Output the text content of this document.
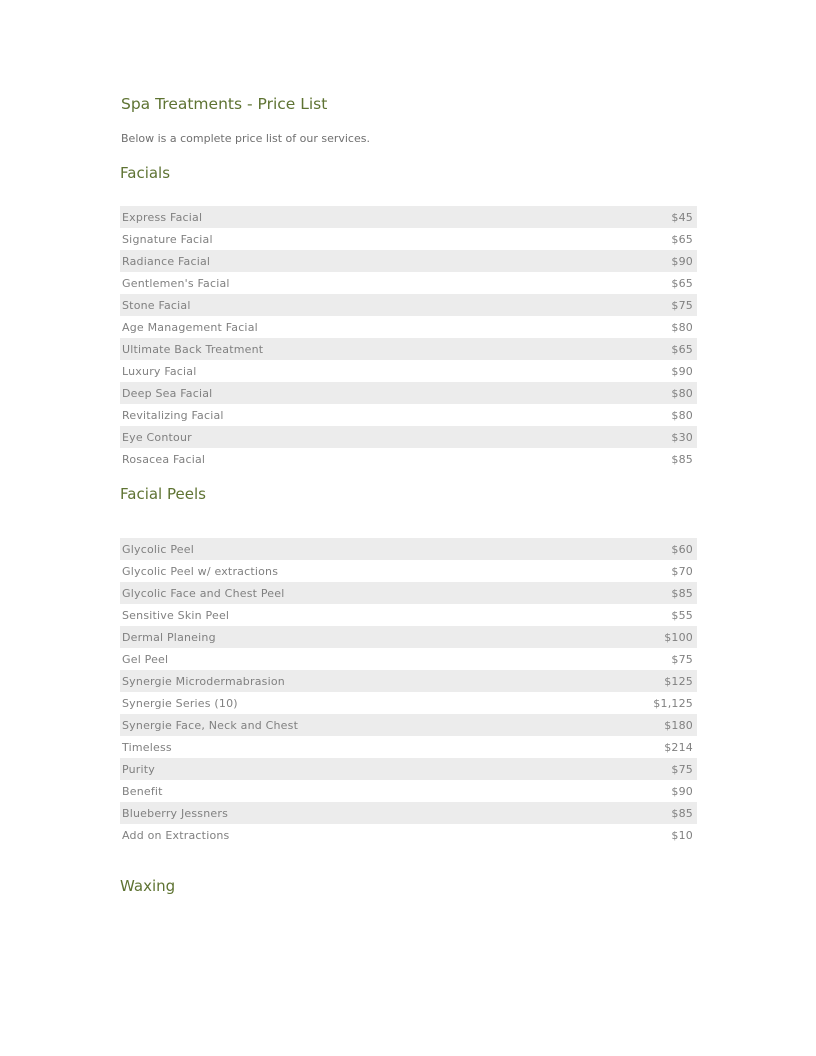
Spa Treatments - Price List

Below is a complete price list of our services.

Facials
Express Facial	$45
Signature Facial	$65
Radiance Facial	$90
Gentlemen's Facial	$65
Stone Facial	$75
Age Management Facial	$80
Ultimate Back Treatment	$65
Luxury Facial	$90
Deep Sea Facial	$80
Revitalizing Facial	$80
Eye Contour	$30
Rosacea Facial	$85
Facial Peels
Glycolic Peel	$60
Glycolic Peel w/ extractions	$70
Glycolic Face and Chest Peel	$85
Sensitive Skin Peel	$55
Dermal Planeing	$100
Gel Peel	$75
Synergie Microdermabrasion	$125
Synergie Series (10)	$1,125
Synergie Face, Neck and Chest	$180
Timeless	$214
Purity	$75
Benefit	$90
Blueberry Jessners	$85
Add on Extractions	$10
Waxing
